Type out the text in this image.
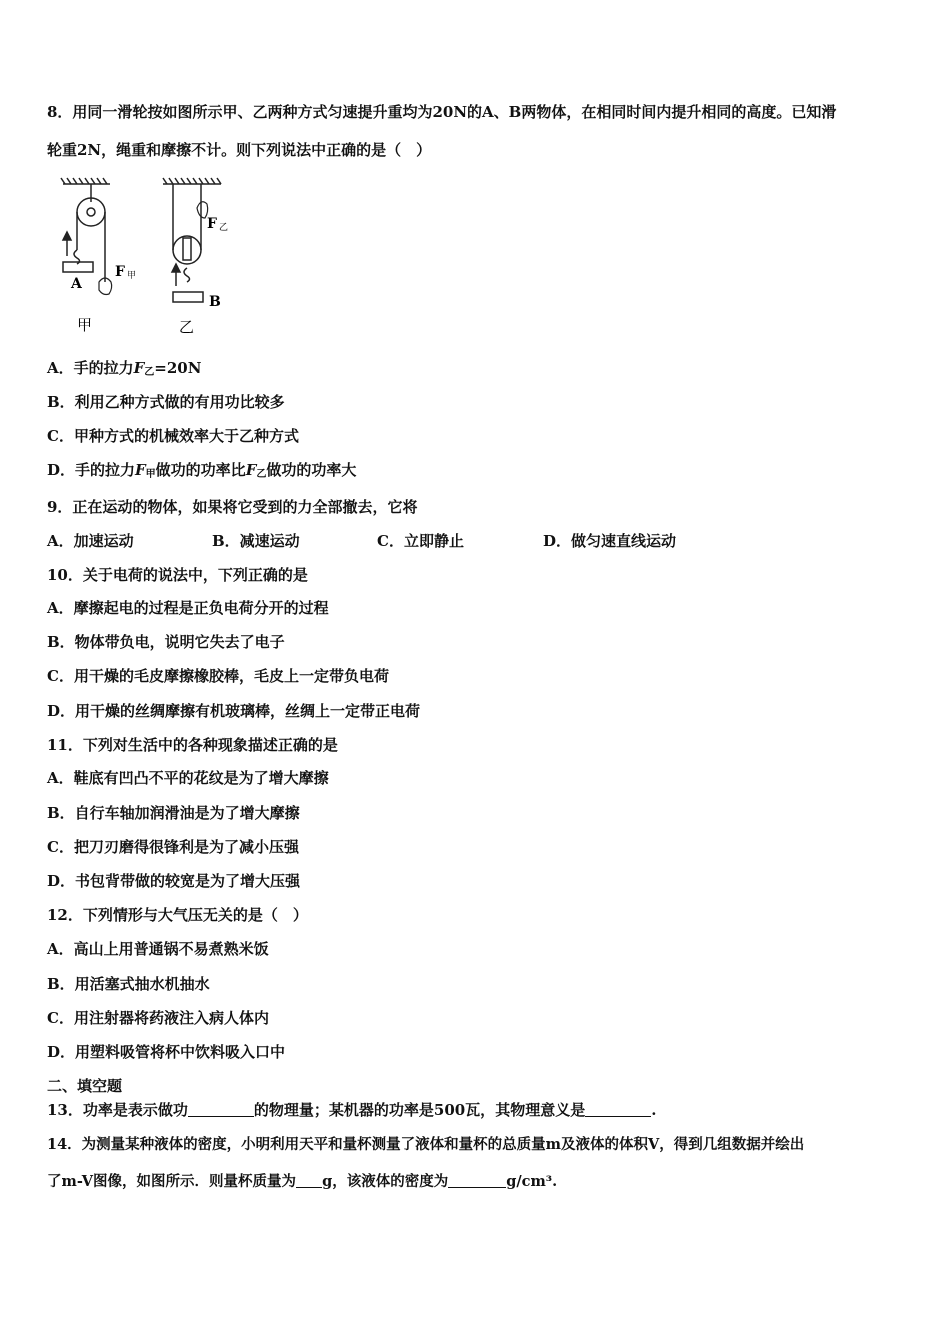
8．用同一滑轮按如图所示甲、乙两种方式匀速提升重均为20N的A、B两物体，在相同时间内提升相同的高度。已知滑
轮重2N，绳重和摩擦不计。则下列说法中正确的是（　）
A
F 甲
甲
F 乙
B
乙
A．手的拉力$F_乙=20N$
B．利用乙种方式做的有用功比较多
C．甲种方式的机械效率大于乙种方式
D．手的拉力$F_甲$做功的功率比$F_乙$做功的功率大
9．正在运动的物体，如果将它受到的力全部撤去，它将
A．加速运动	B．减速运动	C．立即静止	D．做匀速直线运动
10．关于电荷的说法中，下列正确的是
A．摩擦起电的过程是正负电荷分开的过程
B．物体带负电，说明它失去了电子
C．用干燥的毛皮摩擦橡胶棒，毛皮上一定带负电荷
D．用干燥的丝绸摩擦有机玻璃棒，丝绸上一定带正电荷
11．下列对生活中的各种现象描述正确的是
A．鞋底有凹凸不平的花纹是为了增大摩擦
B．自行车轴加润滑油是为了增大摩擦
C．把刀刃磨得很锋利是为了减小压强
D．书包背带做的较宽是为了增大压强
12．下列情形与大气压无关的是（　）
A．高山上用普通锅不易煮熟米饭
B．用活塞式抽水机抽水
C．用注射器将药液注入病人体内
D．用塑料吸管将杯中饮料吸入口中
二、填空题
13．功率是表示做功	的物理量；某机器的功率是500瓦，其物理意义是	.
14．为测量某种液体的密度，小明利用天平和量杯测量了液体和量杯的总质量m及液体的体积V，得到几组数据并绘出
了m-V图像，如图所示．则量杯质量为 g，该液体的密度为	g/cm³.
